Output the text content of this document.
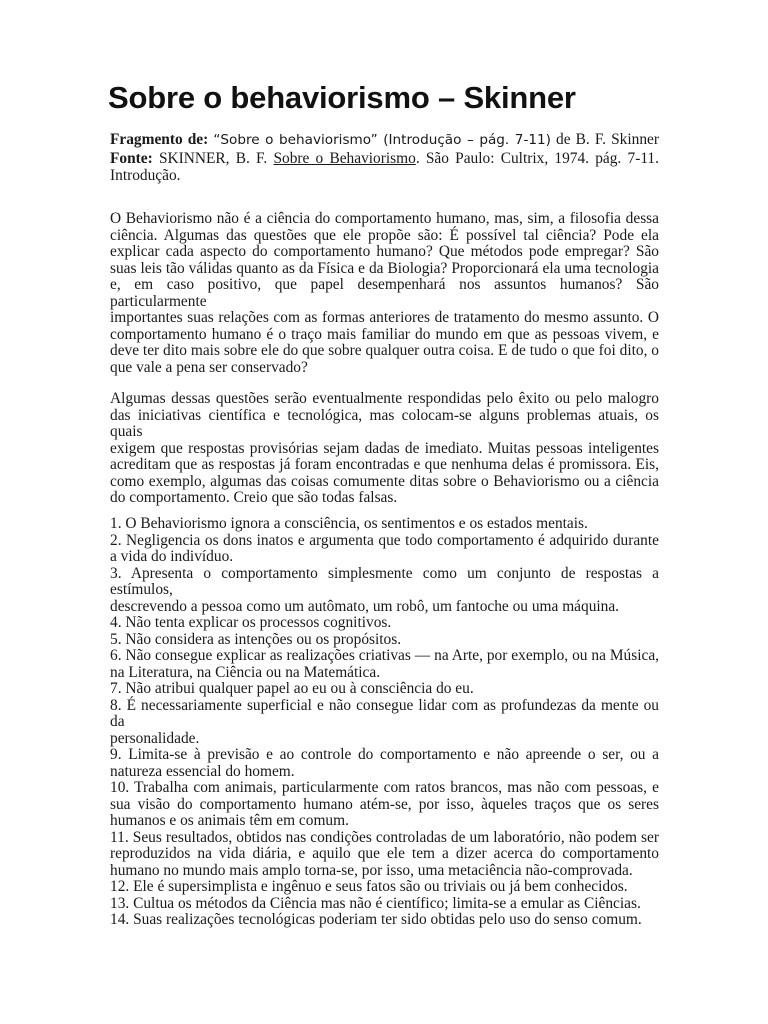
Sobre o behaviorismo – Skinner

Fragmento de: “Sobre o behaviorismo” (Introdução – pág. 7-11) de B. F. Skinner

Fonte: SKINNER, B. F. Sobre o Behaviorismo. São Paulo: Cultrix, 1974. pág. 7-11.

Introdução.

O Behaviorismo não é a ciência do comportamento humano, mas, sim, a filosofia dessa

ciência. Algumas das questões que ele propõe são: É possível tal ciência? Pode ela

explicar cada aspecto do comportamento humano? Que métodos pode empregar? São

suas leis tão válidas quanto as da Física e da Biologia? Proporcionará ela uma tecnologia

e, em caso positivo, que papel desempenhará nos assuntos humanos? São particularmente

importantes suas relações com as formas anteriores de tratamento do mesmo assunto. O

comportamento humano é o traço mais familiar do mundo em que as pessoas vivem, e

deve ter dito mais sobre ele do que sobre qualquer outra coisa. E de tudo o que foi dito, o

que vale a pena ser conservado?

Algumas dessas questões serão eventualmente respondidas pelo êxito ou pelo malogro

das iniciativas científica e tecnológica, mas colocam-se alguns problemas atuais, os quais

exigem que respostas provisórias sejam dadas de imediato. Muitas pessoas inteligentes

acreditam que as respostas já foram encontradas e que nenhuma delas é promissora. Eis,

como exemplo, algumas das coisas comumente ditas sobre o Behaviorismo ou a ciência

do comportamento. Creio que são todas falsas.

1. O Behaviorismo ignora a consciência, os sentimentos e os estados mentais.

2. Negligencia os dons inatos e argumenta que todo comportamento é adquirido durante

a vida do indivíduo.

3. Apresenta o comportamento simplesmente como um conjunto de respostas a estímulos,

descrevendo a pessoa como um autômato, um robô, um fantoche ou uma máquina.

4. Não tenta explicar os processos cognitivos.

5. Não considera as intenções ou os propósitos.

6. Não consegue explicar as realizações criativas — na Arte, por exemplo, ou na Música,

na Literatura, na Ciência ou na Matemática.

7. Não atribui qualquer papel ao eu ou à consciência do eu.

8. É necessariamente superficial e não consegue lidar com as profundezas da mente ou da

personalidade.

9. Limita-se à previsão e ao controle do comportamento e não apreende o ser, ou a

natureza essencial do homem.

10. Trabalha com animais, particularmente com ratos brancos, mas não com pessoas, e

sua visão do comportamento humano atém-se, por isso, àqueles traços que os seres

humanos e os animais têm em comum.

11. Seus resultados, obtidos nas condições controladas de um laboratório, não podem ser

reproduzidos na vida diária, e aquilo que ele tem a dizer acerca do comportamento

humano no mundo mais amplo torna-se, por isso, uma metaciência não-comprovada.

12. Ele é supersimplista e ingênuo e seus fatos são ou triviais ou já bem conhecidos.

13. Cultua os métodos da Ciência mas não é científico; limita-se a emular as Ciências.

14. Suas realizações tecnológicas poderiam ter sido obtidas pelo uso do senso comum.
